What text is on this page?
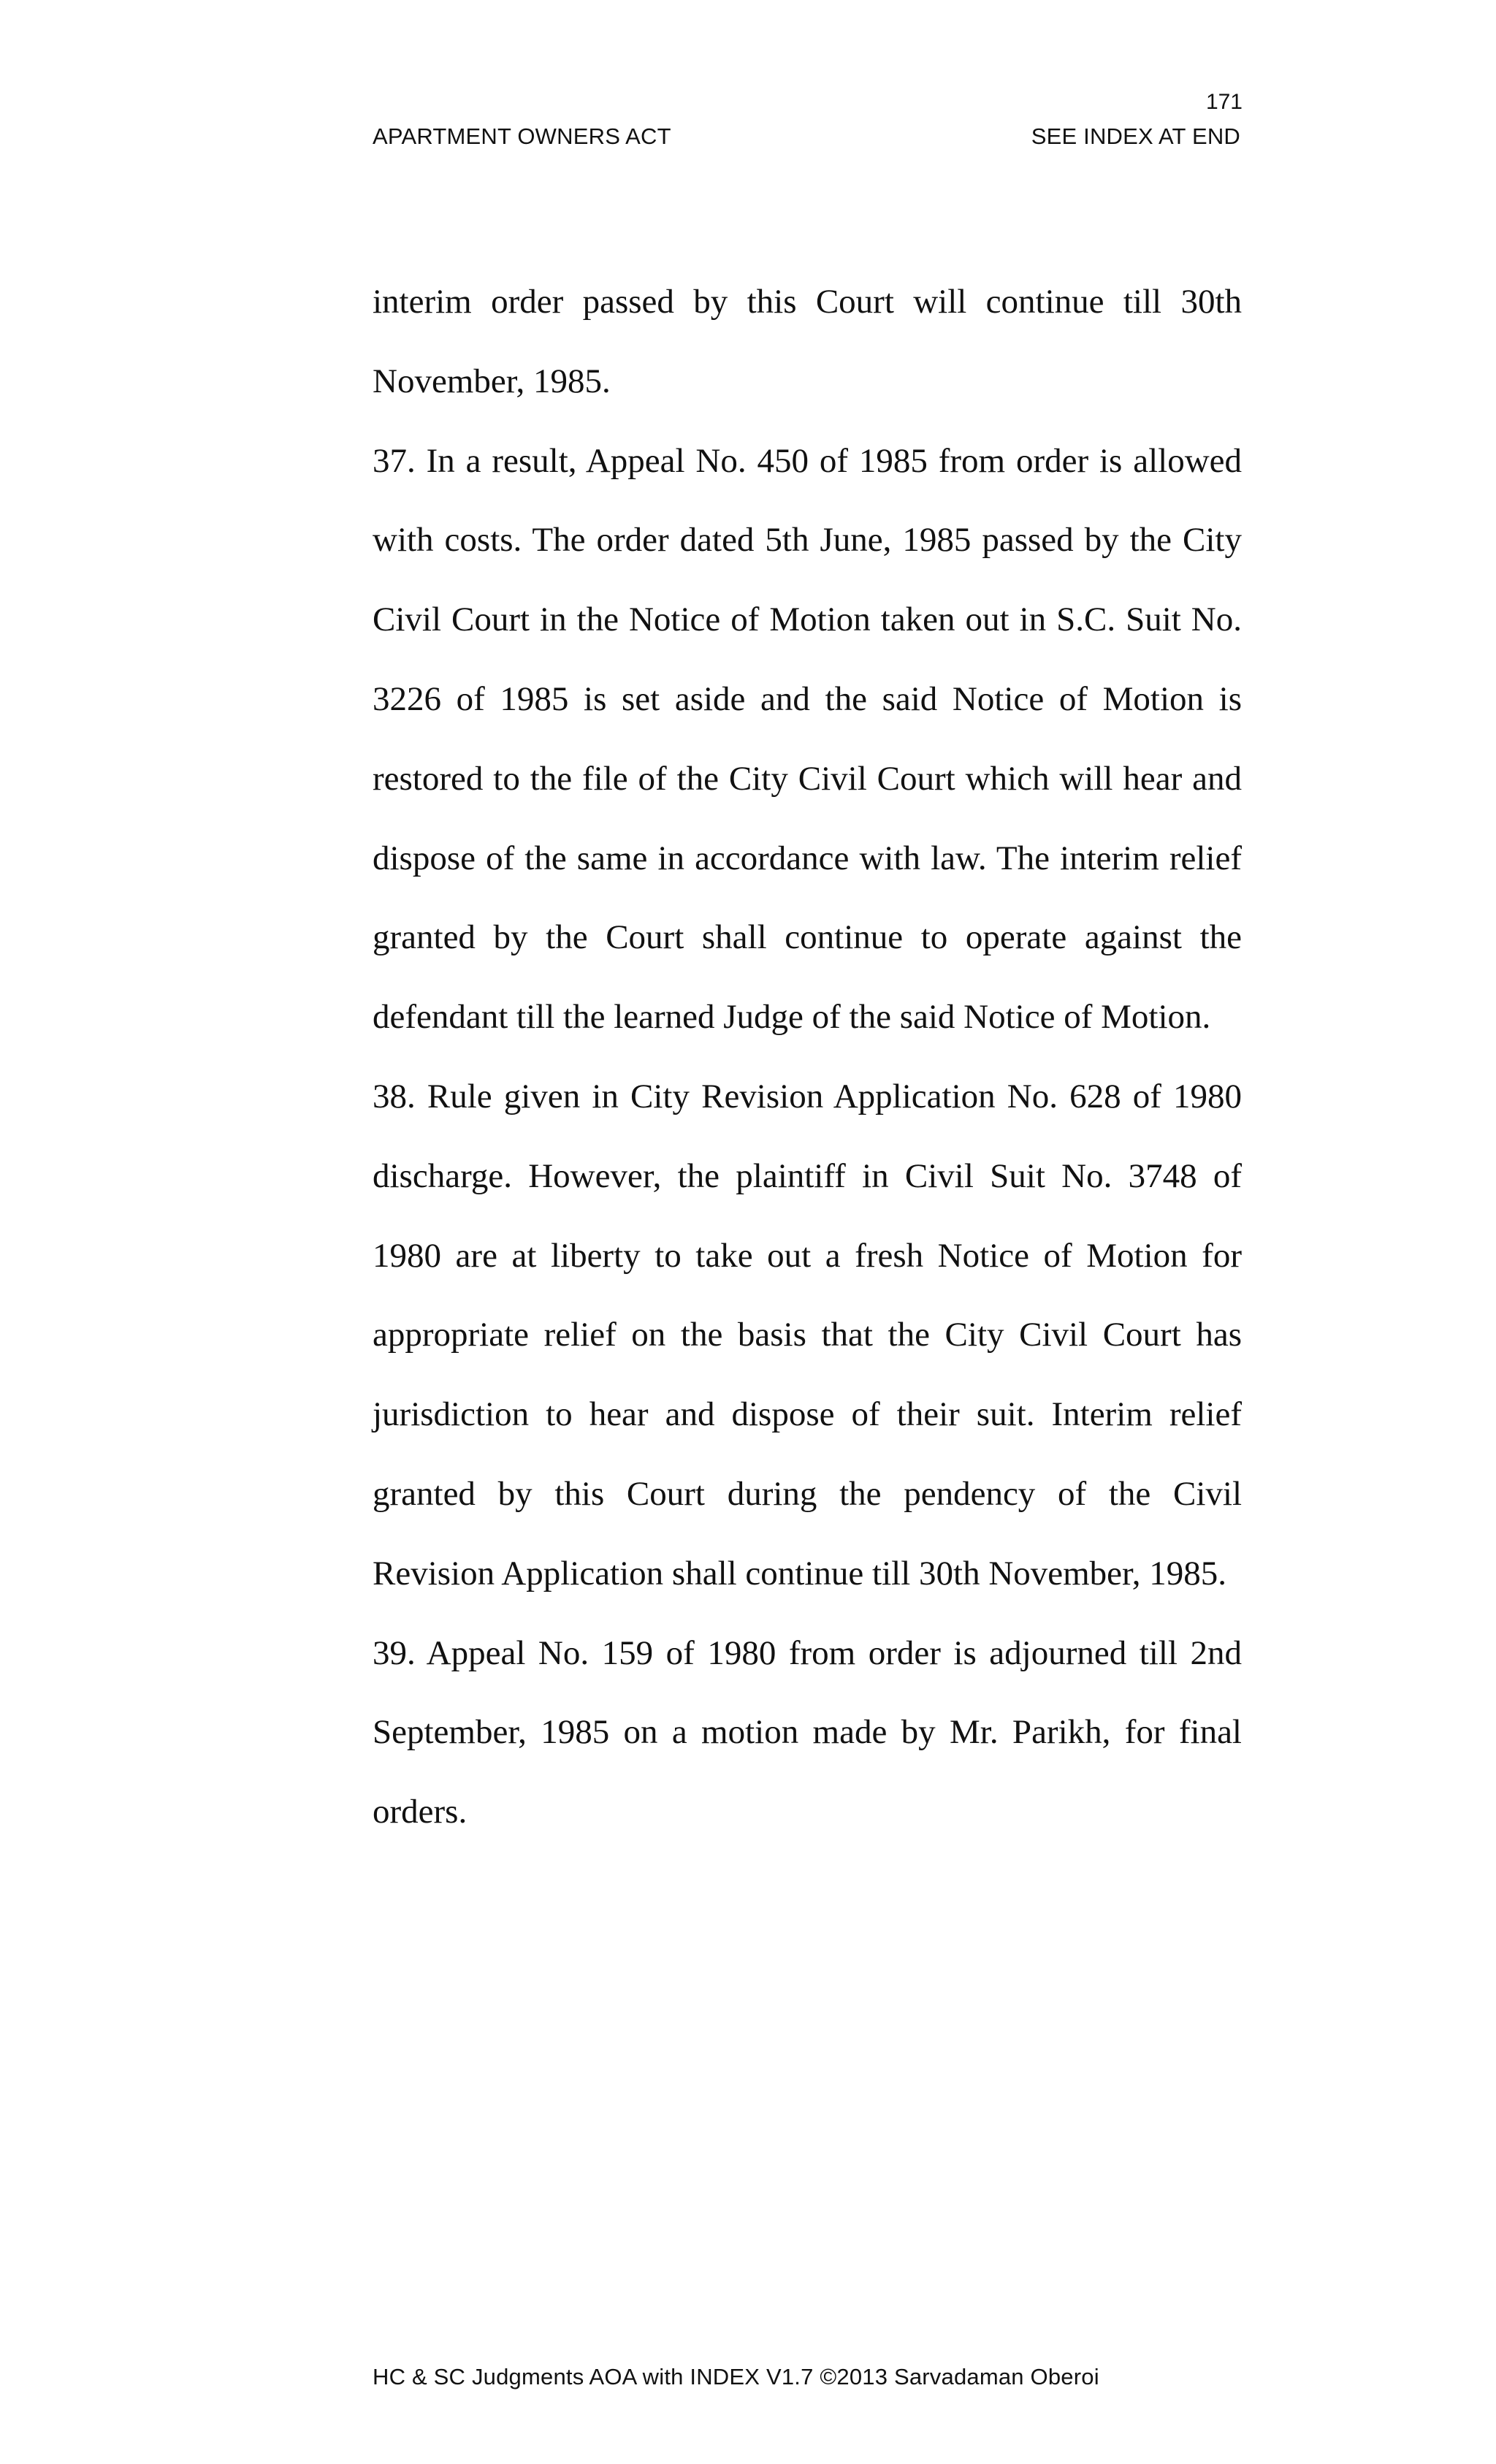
171
APARTMENT OWNERS ACT	SEE INDEX AT END

interim order passed by this Court will continue till 30th November, 1985.

37. In a result, Appeal No. 450 of 1985 from order is allowed with costs. The order dated 5th June, 1985 passed by the City Civil Court in the Notice of Motion taken out in S.C. Suit No. 3226 of 1985 is set aside and the said Notice of Motion is restored to the file of the City Civil Court which will hear and dispose of the same in accordance with law. The interim relief granted by the Court shall continue to operate against the defendant till the learned Judge of the said Notice of Motion.

38. Rule given in City Revision Application No. 628 of 1980 discharge. However, the plaintiff in Civil Suit No. 3748 of 1980 are at liberty to take out a fresh Notice of Motion for appropriate relief on the basis that the City Civil Court has jurisdiction to hear and dispose of their suit. Interim relief granted by this Court during the pendency of the Civil Revision Application shall continue till 30th November, 1985.

39. Appeal No. 159 of 1980 from order is adjourned till 2nd September, 1985 on a motion made by Mr. Parikh, for final orders.

HC & SC Judgments AOA with INDEX V1.7 ©2013 Sarvadaman Oberoi
